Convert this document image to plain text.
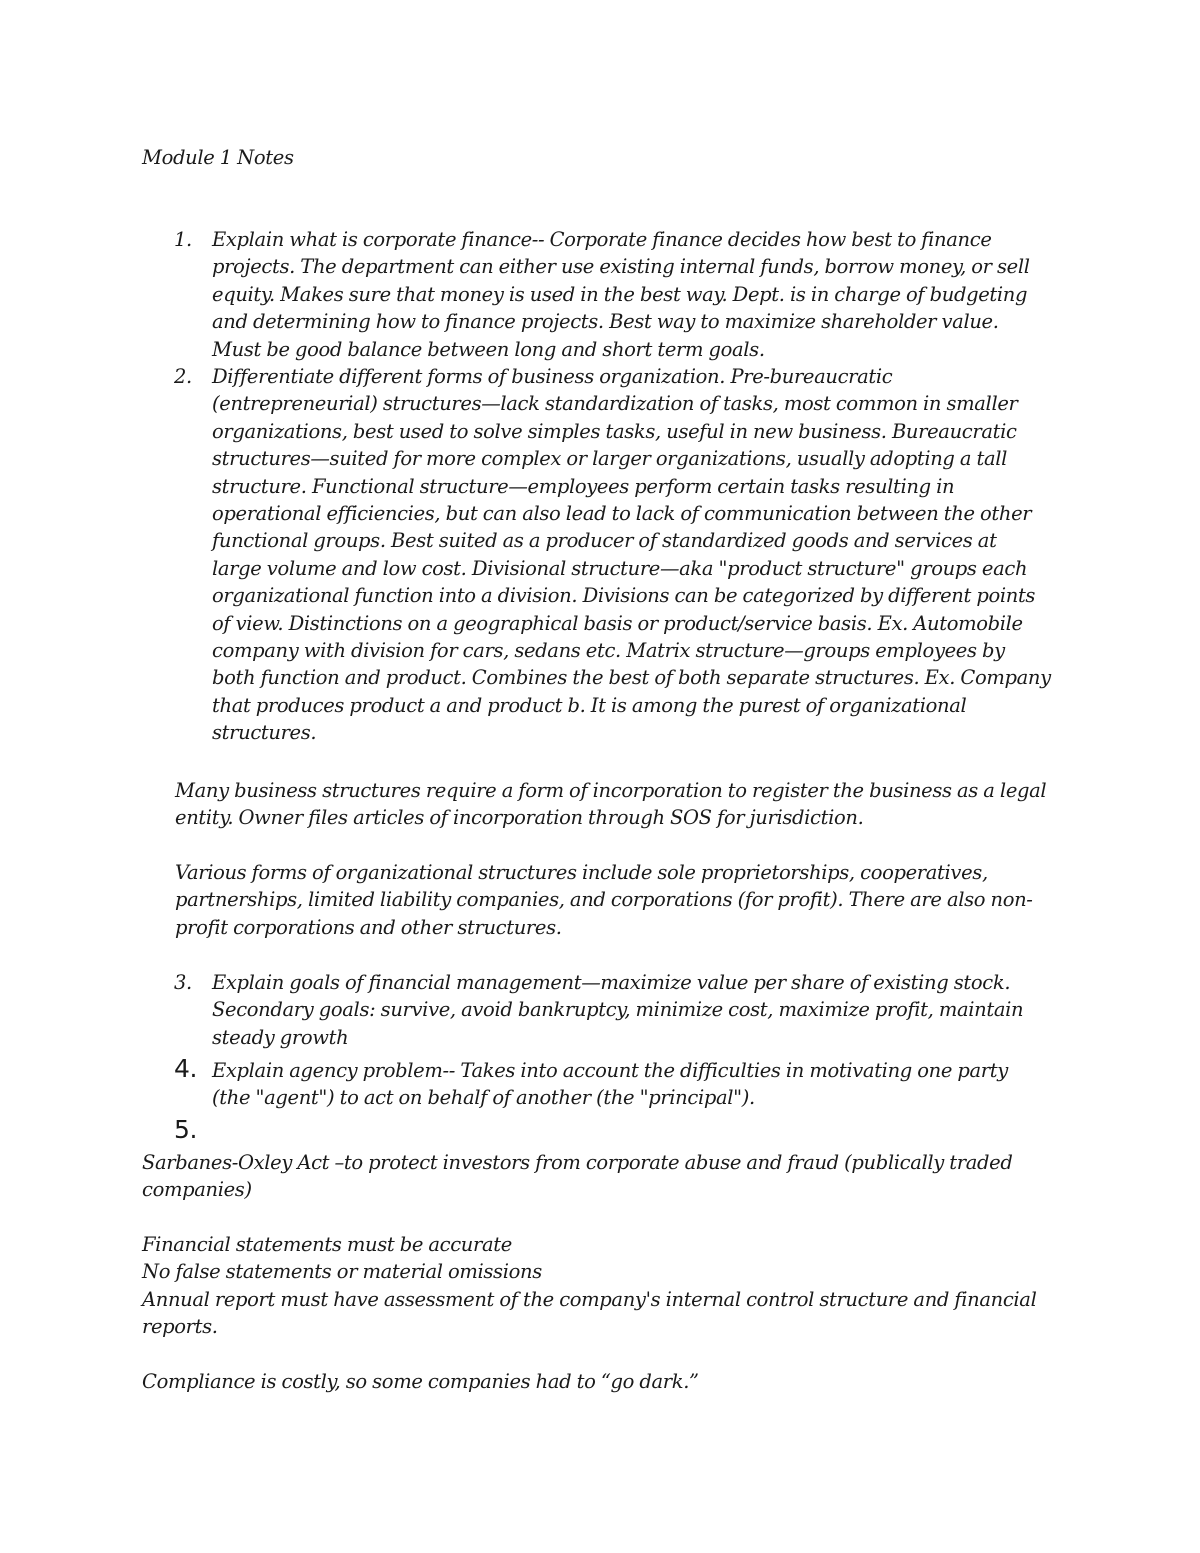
Module 1 Notes

1. Explain what is corporate finance-- Corporate finance decides how best to finance
projects. The department can either use existing internal funds, borrow money, or sell
equity. Makes sure that money is used in the best way. Dept. is in charge of budgeting
and determining how to finance projects. Best way to maximize shareholder value.
Must be good balance between long and short term goals.

2. Differentiate different forms of business organization. Pre-bureaucratic
(entrepreneurial) structures—lack standardization of tasks, most common in smaller
organizations, best used to solve simples tasks, useful in new business. Bureaucratic
structures—suited for more complex or larger organizations, usually adopting a tall
structure. Functional structure—employees perform certain tasks resulting in
operational efficiencies, but can also lead to lack of communication between the other
functional groups. Best suited as a producer of standardized goods and services at
large volume and low cost. Divisional structure—aka "product structure" groups each
organizational function into a division. Divisions can be categorized by different points
of view. Distinctions on a geographical basis or product/service basis. Ex. Automobile
company with division for cars, sedans etc. Matrix structure—groups employees by
both function and product. Combines the best of both separate structures. Ex. Company
that produces product a and product b. It is among the purest of organizational
structures.

Many business structures require a form of incorporation to register the business as a legal
entity. Owner files articles of incorporation through SOS for jurisdiction.

Various forms of organizational structures include sole proprietorships, cooperatives,
partnerships, limited liability companies, and corporations (for profit). There are also non-
profit corporations and other structures.

3. Explain goals of financial management—maximize value per share of existing stock.
Secondary goals: survive, avoid bankruptcy, minimize cost, maximize profit, maintain
steady growth

4. Explain agency problem-- Takes into account the difficulties in motivating one party
(the "agent") to act on behalf of another (the "principal").

5.

Sarbanes-Oxley Act –to protect investors from corporate abuse and fraud (publically traded
companies)

Financial statements must be accurate
No false statements or material omissions
Annual report must have assessment of the company's internal control structure and financial
reports.

Compliance is costly, so some companies had to “go dark.”
